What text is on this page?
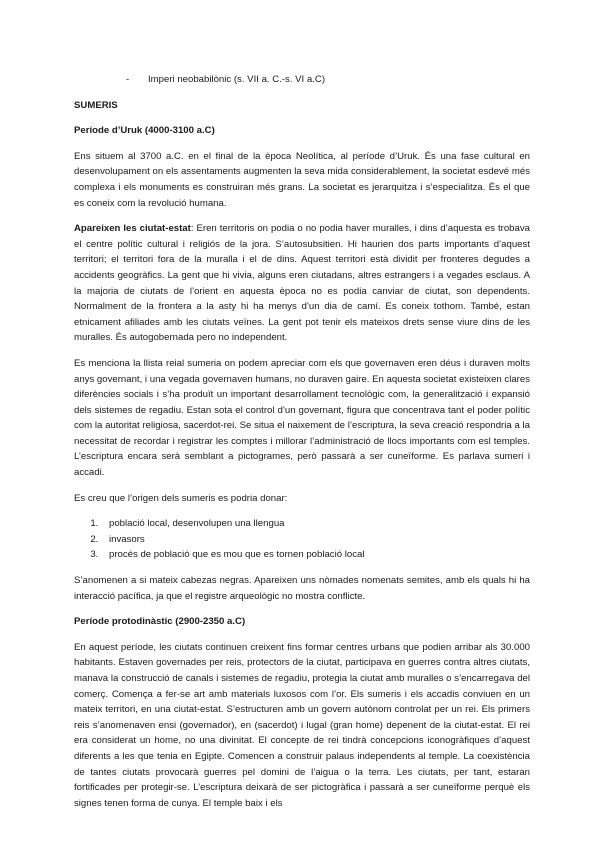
-	Imperi neobabilònic (s. VII a. C.-s. VI a.C)
SUMERIS
Període d’Uruk (4000-3100 a.C)

Ens situem al 3700 a.C. en el final de la època Neolítica, al període d’Uruk. És una fase cultural en desenvolupament on els assentaments augmenten la seva mida considerablement, la societat esdevé més complexa i els monuments es construiran més grans. La societat es jerarquitza i s’especialitza. És el que es coneix com la revolució humana.

Apareixen les ciutat-estat: Eren territoris on podia o no podia haver muralles, i dins d’aquesta es trobava el centre polític cultural i religiós de la jora. S’autosubsitien. Hi haurien dos parts importants d’aquest territori; el territori fora de la muralla i el de dins. Aquest territori està dividit per fronteres degudes a accidents geogràfics. La gent que hi vivia, alguns eren ciutadans, altres estrangers i a vegades esclaus. A la majoria de ciutats de l’orient en aquesta època no es podia canviar de ciutat, son dependents. Normalment de la frontera a la asty hi ha menys d’un dia de camí. Es coneix tothom. També, estan etnicament afiliades amb les ciutats veïnes. La gent pot tenir els mateixos drets sense viure dins de les muralles. És autogobernada pero no independent.

Es menciona la llista reial sumeria on podem apreciar com els que governaven eren déus i duraven molts anys governant, i una vegada governaven humans, no duraven gaire. En aquesta societat existeixen clares diferències socials i s’ha produït un important desarrollament tecnològic com, la generalització i expansió dels sistemes de regadiu. Estan sota el control d’un governant, figura que concentrava tant el poder polític com la autoritat religiosa, sacerdot-rei. Se situa el naixement de l’escriptura, la seva creació respondria a la necessitat de recordar i registrar les comptes i millorar l’administració de llocs importants com esl temples. L’escriptura encara serà semblant a pictogrames, però passarà a ser cuneïforme. Es parlava sumeri i accadi.

Es creu que l’origen dels sumeris es podria donar:

1. població local, desenvolupen una llengua
2. invasors
3. procés de població que es mou que es tornen població local

S’anomenen a si mateix cabezas negras. Apareixen uns nòmades nomenats semites, amb els quals hi ha interacció pacífica, ja que el registre arqueològic no mostra conflicte.

Període protodinàstic (2900-2350 a.C)

En aquest període, les ciutats continuen creixent fins formar centres urbans que podien arribar als 30.000 habitants. Estaven governades per reis, protectors de la ciutat, participava en guerres contra altres ciutats, manava la construcció de canals i sistemes de regadiu, protegia la ciutat amb muralles o s’encarregava del comerç. Comença a fer-se art amb materials luxosos com l’or. Els sumeris i els accadis conviuen en un mateix territori, en una ciutat-estat. S’estructuren amb un govern autònom controlat per un rei. Els primers reis s’anomenaven ensi (governador), en (sacerdot) i lugal (gran home) depenent de la ciutat-estat. El rei era considerat un home, no una divinitat. El concepte de rei tindrà concepcions iconogràfiques d’aquest diferents a les que tenia en Egipte. Comencen a construir palaus independents al temple. La coexistència de tantes ciutats provocarà guerres pel domini de l’aigua o la terra. Les ciutats, per tant, estaran fortificades per protegir-se. L’escriptura deixarà de ser pictogràfica i passarà a ser cuneïforme perquè els signes tenen forma de cunya. El temple baix i els
